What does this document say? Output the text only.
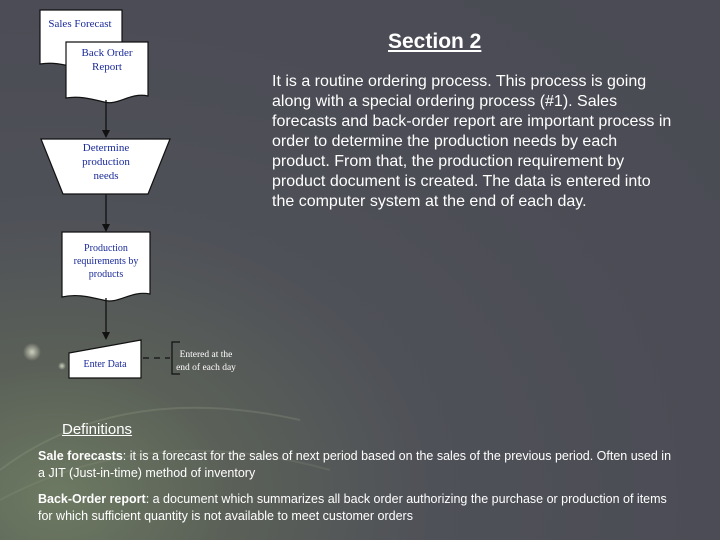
Sales Forecast
Back Order
Report
Determine
production
needs
Production
requirements by
products
Enter Data
Entered at the
end of each day
Section 2
It is a routine ordering process. This process is going along with a special ordering process (#1). Sales forecasts and back-order report are important process in order to determine the production needs by each product. From that, the production requirement by product document is created. The data is entered into the computer system at the end of each day.
Definitions
Sale forecasts: it is a forecast for the sales of next period based on the sales of the previous period. Often used in a JIT (Just-in-time) method of inventory
Back-Order report: a document which summarizes all back order authorizing the purchase or production of items for which sufficient quantity is not available to meet customer orders
